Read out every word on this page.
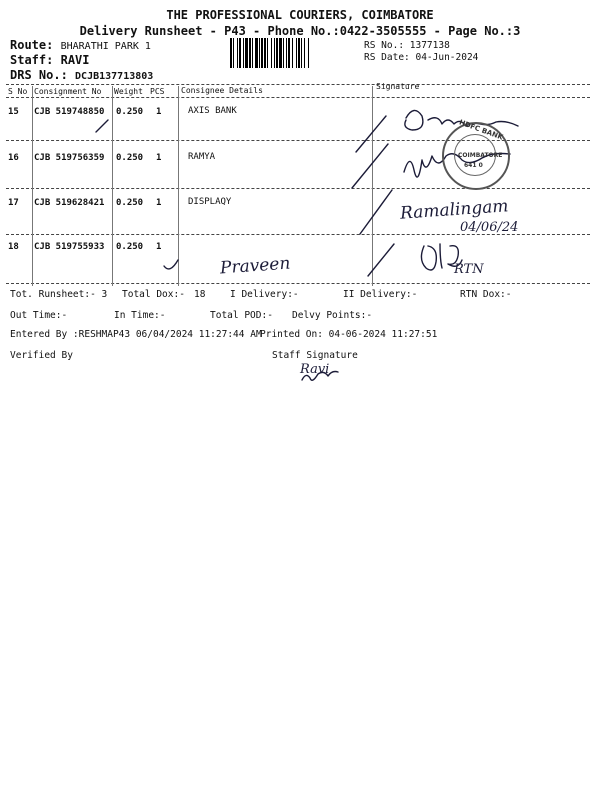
THE PROFESSIONAL COURIERS, COIMBATORE
Delivery Runsheet - P43 - Phone No.:0422-3505555 - Page No.:3
Route: BHARATHI PARK 1
Staff: RAVI
DRS No.: DCJB137713803
RS No.: 1377138
RS Date: 04-Jun-2024
S No Consignment No Weight PCS Consignee Details	Signature
15 CJB 519748850 0.250 1	AXIS BANK
16 CJB 519756359 0.250 1	RAMYA
17 CJB 519628421 0.250 1	DISPLAQY
18 CJB 519755933 0.250 1
Ramalingam
04/06/24
Praveen	RTN
Ravi
HDFC BANK
COIMBATORE
641 0
Tot. Runsheet:- 3 Total Dox:- 18	I Delivery:-	II Delivery:-	RTN Dox:-
Out Time:-	In Time:-	Total POD:- Delvy Points:-
Entered By :RESHMAP43 06/04/2024 11:27:44 AM
Printed On: 04-06-2024 11:27:51
Verified By	Staff Signature
